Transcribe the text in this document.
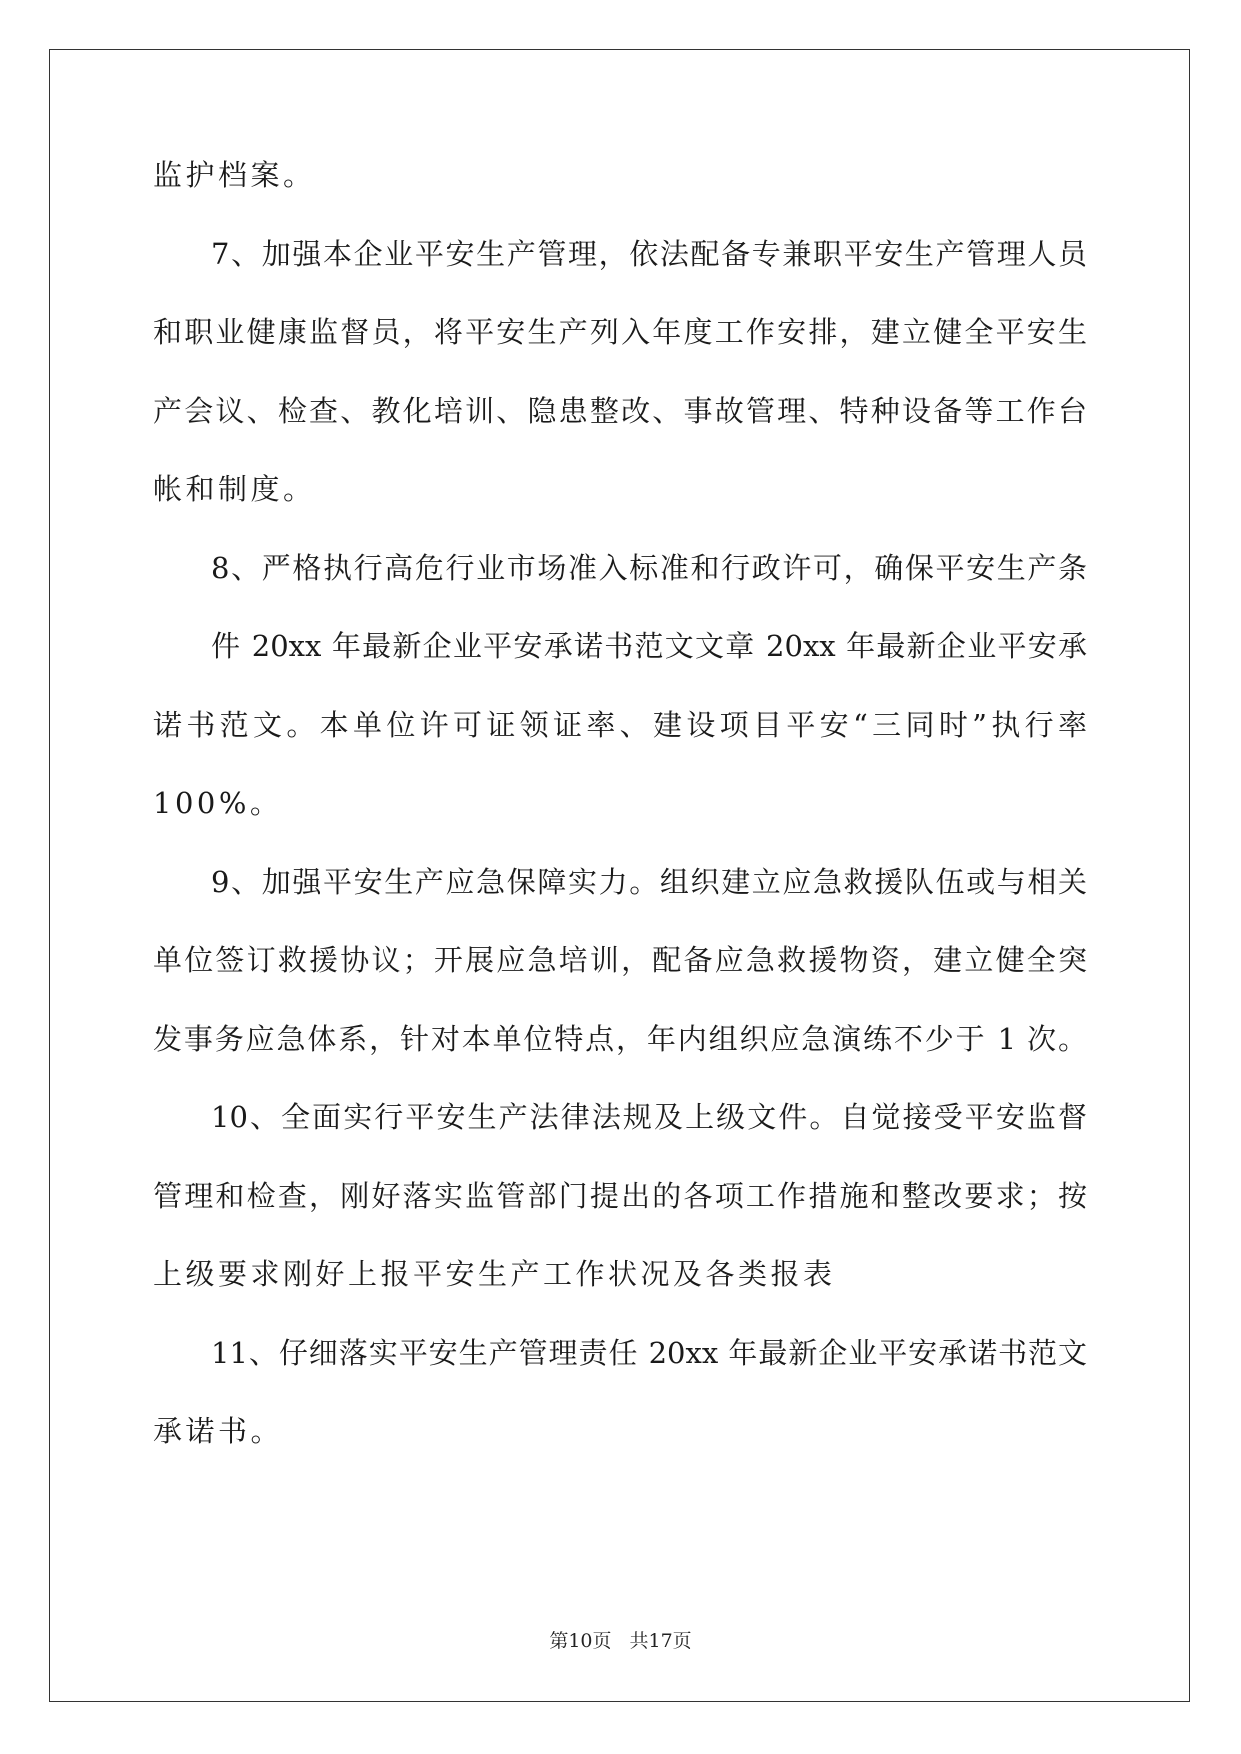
监护档案。
7、加强本企业平安生产管理，依法配备专兼职平安生产管理人员
和职业健康监督员，将平安生产列入年度工作安排，建立健全平安生
产会议、检查、教化培训、隐患整改、事故管理、特种设备等工作台
帐和制度。
8、严格执行高危行业市场准入标准和行政许可，确保平安生产条
件 20xx 年最新企业平安承诺书范文文章 20xx 年最新企业平安承
诺书范文。本单位许可证领证率、建设项目平安“三同时”执行率
100%。
9、加强平安生产应急保障实力。组织建立应急救援队伍或与相关
单位签订救援协议；开展应急培训，配备应急救援物资，建立健全突
发事务应急体系，针对本单位特点，年内组织应急演练不少于 1 次。
10、全面实行平安生产法律法规及上级文件。自觉接受平安监督
管理和检查，刚好落实监管部门提出的各项工作措施和整改要求；按
上级要求刚好上报平安生产工作状况及各类报表
11、仔细落实平安生产管理责任 20xx 年最新企业平安承诺书范文
承诺书。
第10页 共17页
